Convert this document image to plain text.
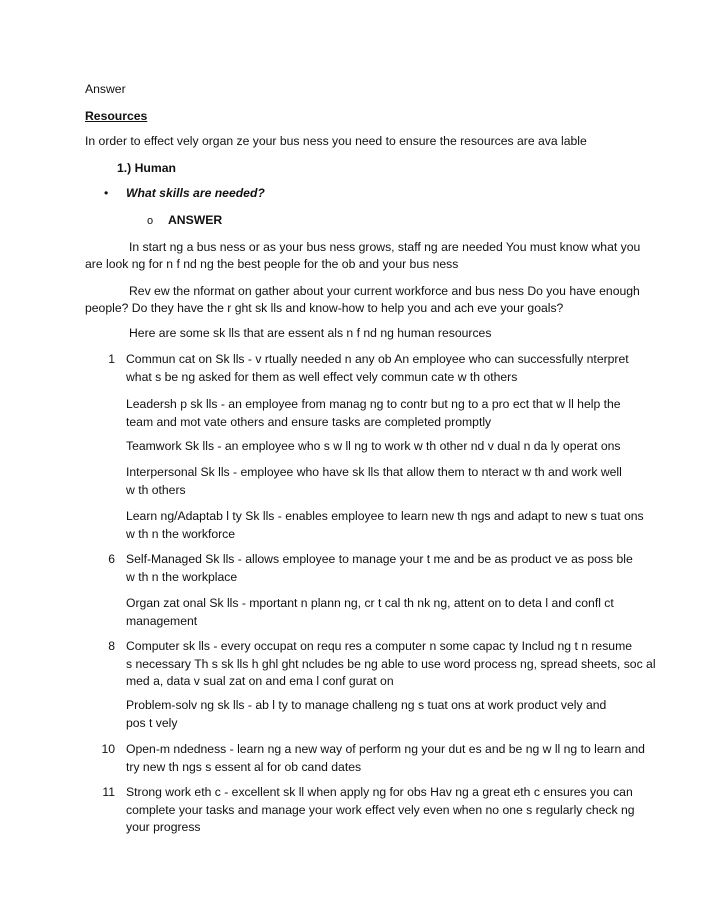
Answer
Resources
In order to effect vely organ ze your bus ness you need to ensure the resources are ava lable
1.) Human
• What skills are needed?
o ANSWER
In start ng a bus ness or as your bus ness grows, staff ng are needed You must know what you
are look ng for n f nd ng the best people for the ob and your bus ness
Rev ew the nformat on gather about your current workforce and bus ness Do you have enough
people? Do they have the r ght sk lls and know-how to help you and ach eve your goals?
Here are some sk lls that are essent als n f nd ng human resources
1 Commun cat on Sk lls - v rtually needed n any ob An employee who can successfully nterpret
what s be ng asked for them as well effect vely commun cate w th others
Leadersh p sk lls - an employee from manag ng to contr but ng to a pro ect that w ll help the
team and mot vate others and ensure tasks are completed promptly
Teamwork Sk lls - an employee who s w ll ng to work w th other nd v dual n da ly operat ons
Interpersonal Sk lls - employee who have sk lls that allow them to nteract w th and work well
w th others
Learn ng/Adaptab l ty Sk lls - enables employee to learn new th ngs and adapt to new s tuat ons
w th n the workforce
6 Self-Managed Sk lls - allows employee to manage your t me and be as product ve as poss ble
w th n the workplace
Organ zat onal Sk lls - mportant n plann ng, cr t cal th nk ng, attent on to deta l and confl ct
management
8 Computer sk lls - every occupat on requ res a computer n some capac ty Includ ng t n resume
s necessary Th s sk lls h ghl ght ncludes be ng able to use word process ng, spread sheets, soc al
med a, data v sual zat on and ema l conf gurat on
Problem-solv ng sk lls - ab l ty to manage challeng ng s tuat ons at work product vely and
pos t vely
10 Open-m ndedness - learn ng a new way of perform ng your dut es and be ng w ll ng to learn and
try new th ngs s essent al for ob cand dates
11 Strong work eth c - excellent sk ll when apply ng for obs Hav ng a great eth c ensures you can
complete your tasks and manage your work effect vely even when no one s regularly check ng
your progress
